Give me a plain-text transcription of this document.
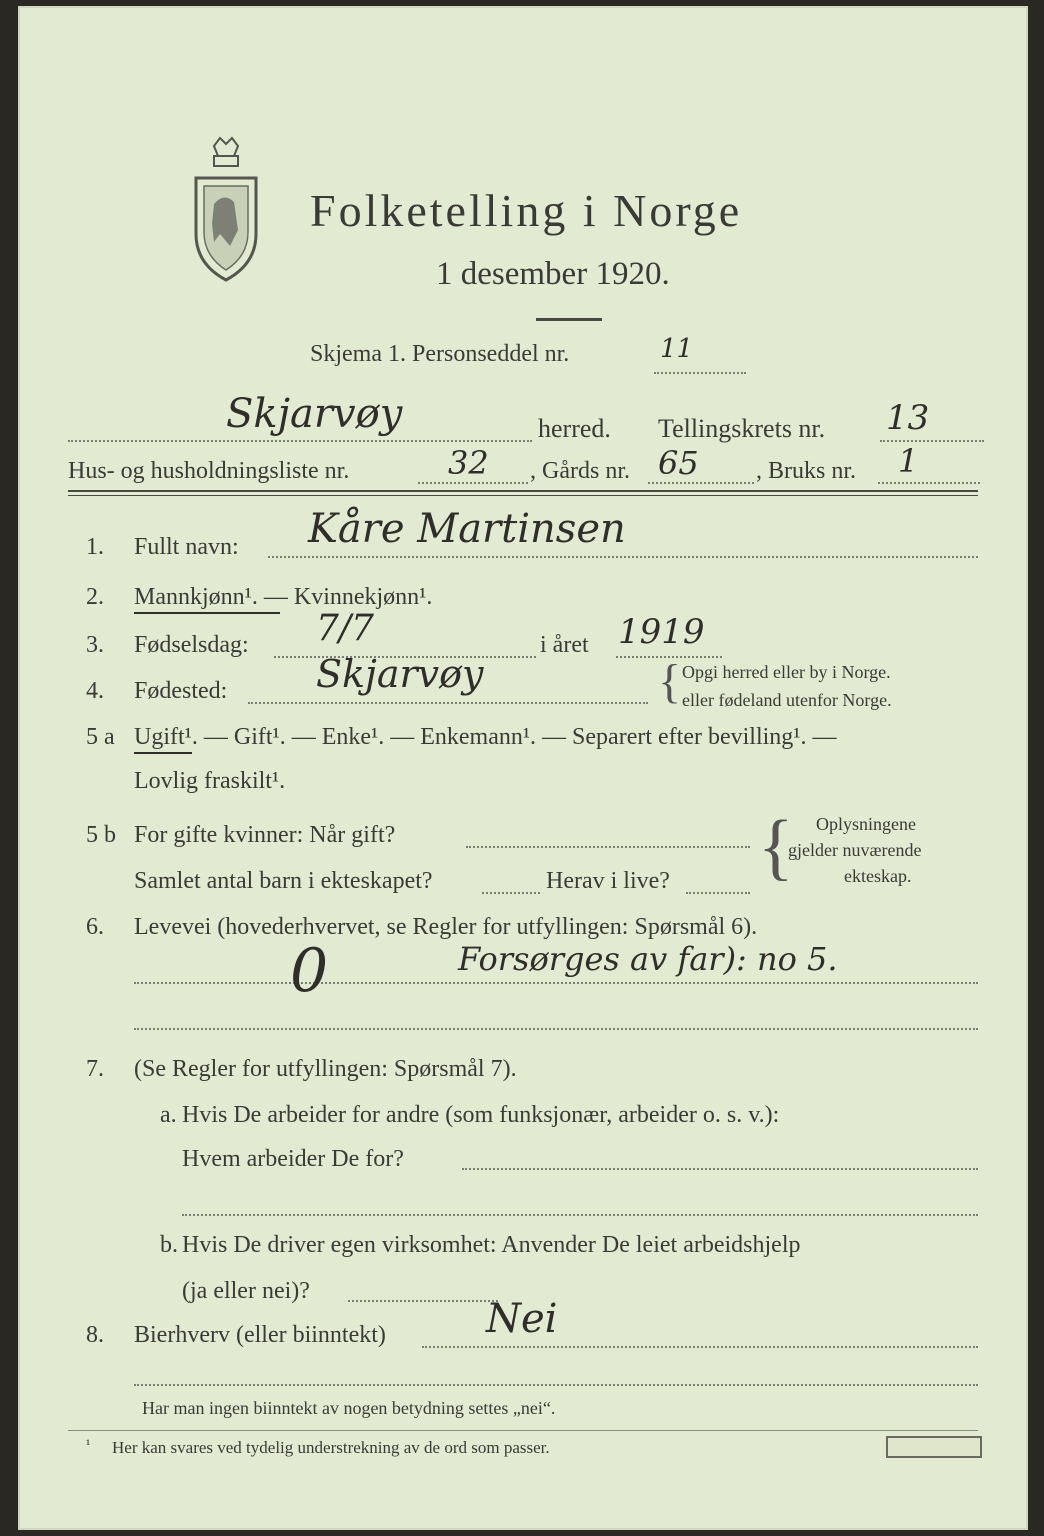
Folketelling i Norge
1 desember 1920.
Skjema 1. Personseddel nr.	11
Skjarvøy	herred. Tellingskrets nr. 13
Hus- og husholdningsliste nr.	32 , Gårds nr. 65 , Bruks nr. 1
1. Fullt navn: Kåre Martinsen
2. Mannkjønn¹. — Kvinnekjønn¹.
3. Fødselsdag: 7/7	i året 1919
4. Fødested: Skjarvøy	{ Opgi herred eller by i Norge.
eller fødeland utenfor Norge.
5 a Ugift¹. — Gift¹. — Enke¹. — Enkemann¹. — Separert efter bevilling¹. —
Lovlig fraskilt¹.
5 b For gifte kvinner: Når gift?
Samlet antal barn i ekteskapet?	Herav i live? { Oplysningene
gjelder nuværende
ekteskap.
6. Levevei (hovederhvervet, se Regler for utfyllingen: Spørsmål 6).
0	Forsørges av far): no 5.
7. (Se Regler for utfyllingen: Spørsmål 7).
a. Hvis De arbeider for andre (som funksjonær, arbeider o. s. v.):
Hvem arbeider De for?
b. Hvis De driver egen virksomhet: Anvender De leiet arbeidshjelp
(ja eller nei)?
8. Bierhverv (eller biinntekt)	Nei
Har man ingen biinntekt av nogen betydning settes „nei“.
¹ Her kan svares ved tydelig understrekning av de ord som passer.
